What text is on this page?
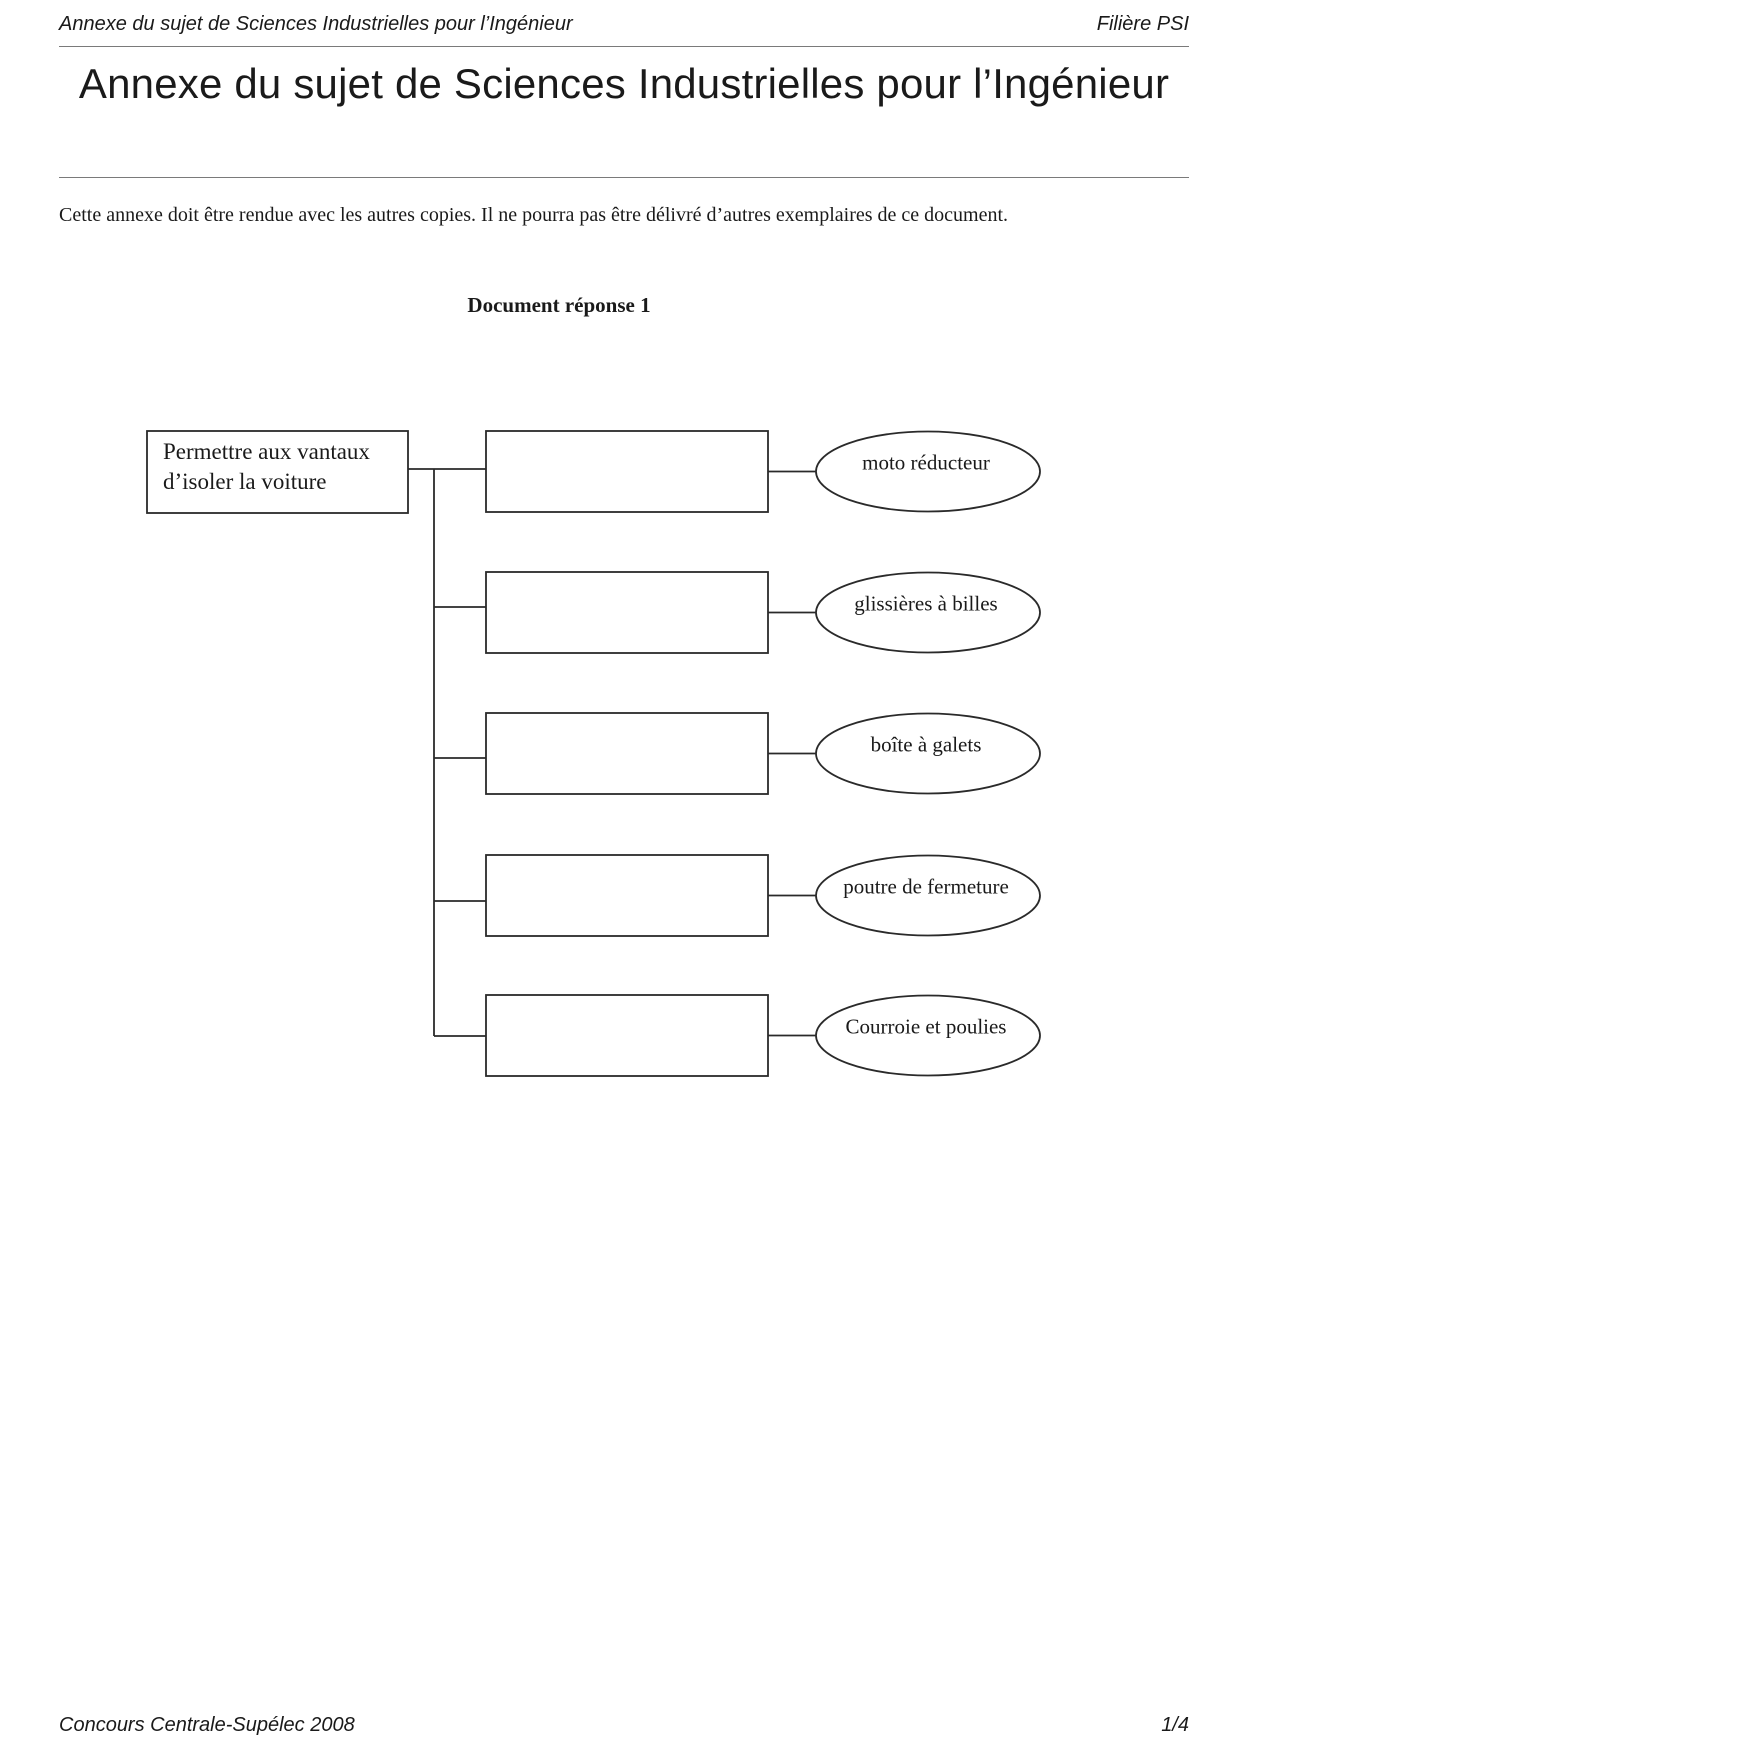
Annexe du sujet de Sciences Industrielles pour l’Ingénieur	Filière PSI
Annexe du sujet de Sciences Industrielles pour l’Ingénieur

Cette annexe doit être rendue avec les autres copies. Il ne pourra pas être délivré d’autres exemplaires de ce document.

Document réponse 1
Permettre aux vantaux
d’isoler la voiture
moto réducteur
glissières à billes
boîte à galets
poutre de fermeture
Courroie et poulies
Concours Centrale-Supélec 2008	1/4
